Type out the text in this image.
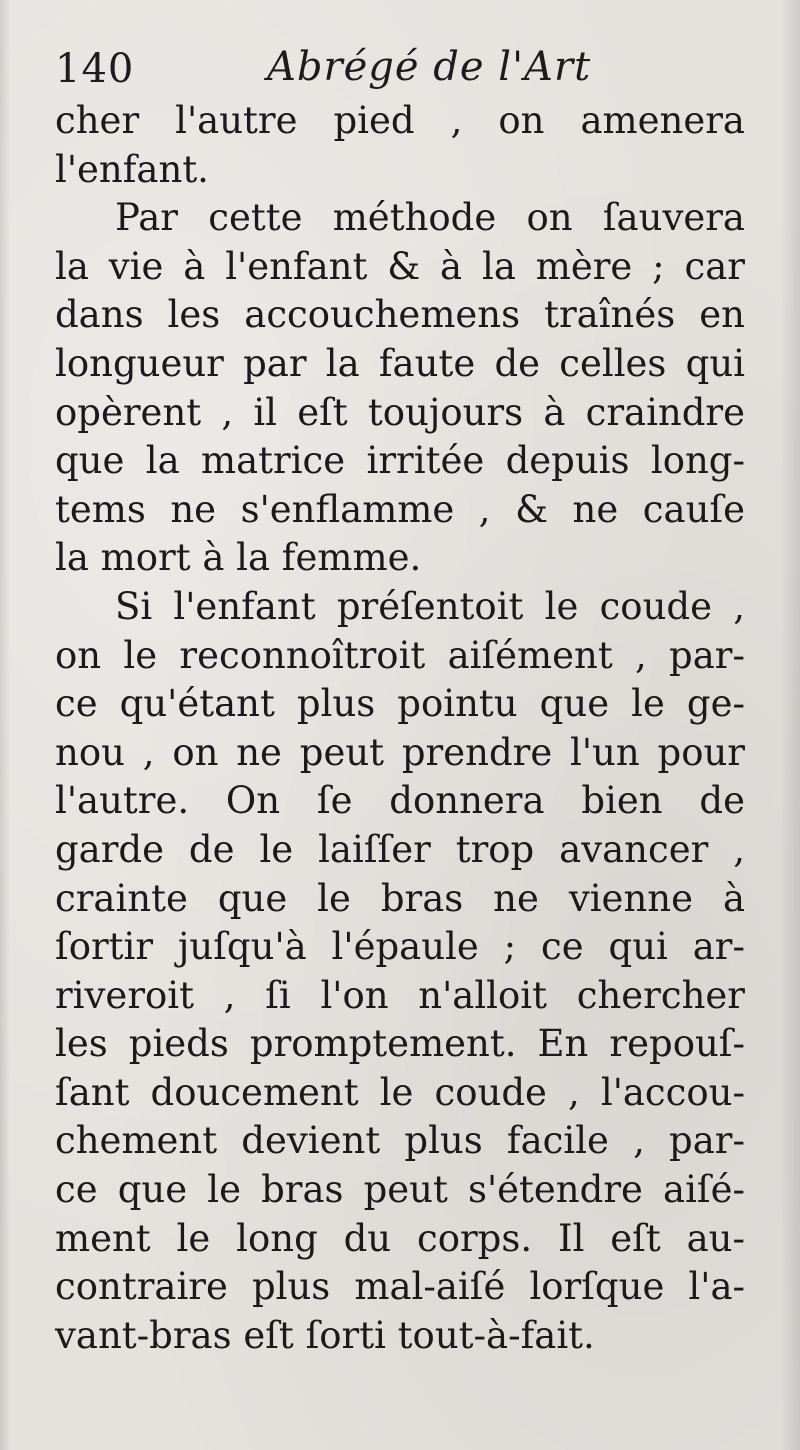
140	Abrégé de l'Art
cher l'autre pied , on amenera
l'enfant.
Par cette méthode on ſauvera
la vie à l'enfant & à la mère ; car
dans les accouchemens traînés en
longueur par la faute de celles qui
opèrent , il eſt toujours à craindre
que la matrice irritée depuis long-
tems ne s'enflamme , & ne cauſe
la mort à la femme.
Si l'enfant préſentoit le coude ,
on le reconnoîtroit aiſément , par-
ce qu'étant plus pointu que le ge-
nou , on ne peut prendre l'un pour
l'autre. On ſe donnera bien de
garde de le laiſſer trop avancer ,
crainte que le bras ne vienne à
ſortir juſqu'à l'épaule ; ce qui ar-
riveroit , ſi l'on n'alloit chercher
les pieds promptement. En repouſ-
ſant doucement le coude , l'accou-
chement devient plus facile , par-
ce que le bras peut s'étendre aiſé-
ment le long du corps. Il eſt au-
contraire plus mal-aiſé lorſque l'a-
vant-bras eſt ſorti tout-à-fait.
